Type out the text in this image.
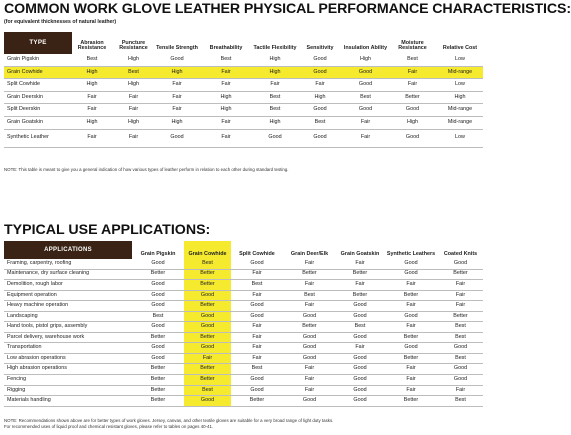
COMMON WORK GLOVE LEATHER PHYSICAL PERFORMANCE CHARACTERISTICS:
(for equivalent thicknesses of natural leather)
TYPE	Abrasion Resistance	Puncture Resistance	Tensile Strength	Breathability	Tactile Flexibility	Sensitivity	Insulation Ability	Moisture Resistance	Relative Cost
Grain Pigskin	Best	High	Good	Best	High	Good	High	Best	Low
Grain Cowhide	High	Best	High	Fair	High	Good	Good	Fair	Mid-range
Split Cowhide	High	High	Fair	Fair	Fair	Fair	Good	Fair	Low
Grain Deerskin	Fair	Fair	Fair	High	Best	High	Best	Better	High
Split Deerskin	Fair	Fair	Fair	High	Best	Good	Good	Good	Mid-range
Grain Goatskin	High	High	High	Fair	High	Best	Fair	High	Mid-range
Synthetic Leather	Fair	Fair	Good	Fair	Good	Good	Fair	Good	Low
NOTE: This table is meant to give you a general indication of how various types of leather perform in relation to each other during standard testing.
TYPICAL USE APPLICATIONS:
APPLICATIONS	Grain Pigskin	Grain Cowhide	Split Cowhide	Grain Deer/Elk	Grain Goatskin	Synthetic Leathers	Coated Knits
Framing, carpentry, roofing	Good	Best	Good	Fair	Fair	Good	Good
Maintenance, dry surface cleaning	Better	Better	Fair	Better	Better	Good	Better
Demolition, rough labor	Good	Better	Best	Fair	Fair	Fair	Fair
Equipment operation	Good	Good	Fair	Best	Better	Better	Fair
Heavy machine operation	Good	Better	Good	Fair	Good	Fair	Fair
Landscaping	Best	Good	Good	Good	Good	Good	Better
Hand tools, pistol grips, assembly	Good	Good	Fair	Better	Best	Fair	Best
Parcel delivery, warehouse work	Better	Better	Fair	Good	Good	Better	Best
Transportation	Good	Good	Fair	Good	Fair	Good	Good
Low abrasion operations	Good	Fair	Fair	Good	Good	Better	Best
High abrasion operations	Better	Better	Best	Fair	Good	Fair	Good
Fencing	Better	Better	Good	Fair	Good	Fair	Good
Rigging	Better	Best	Good	Fair	Good	Fair	Fair
Materials handling	Better	Good	Better	Good	Good	Better	Best
NOTE: Recommendations shown above are for better types of work gloves. Jersey, canvas, and other textile gloves are suitable for a very broad range of light duty tasks.
For recommended uses of liquid proof and chemical resistant gloves, please refer to tables on pages 40-41.
